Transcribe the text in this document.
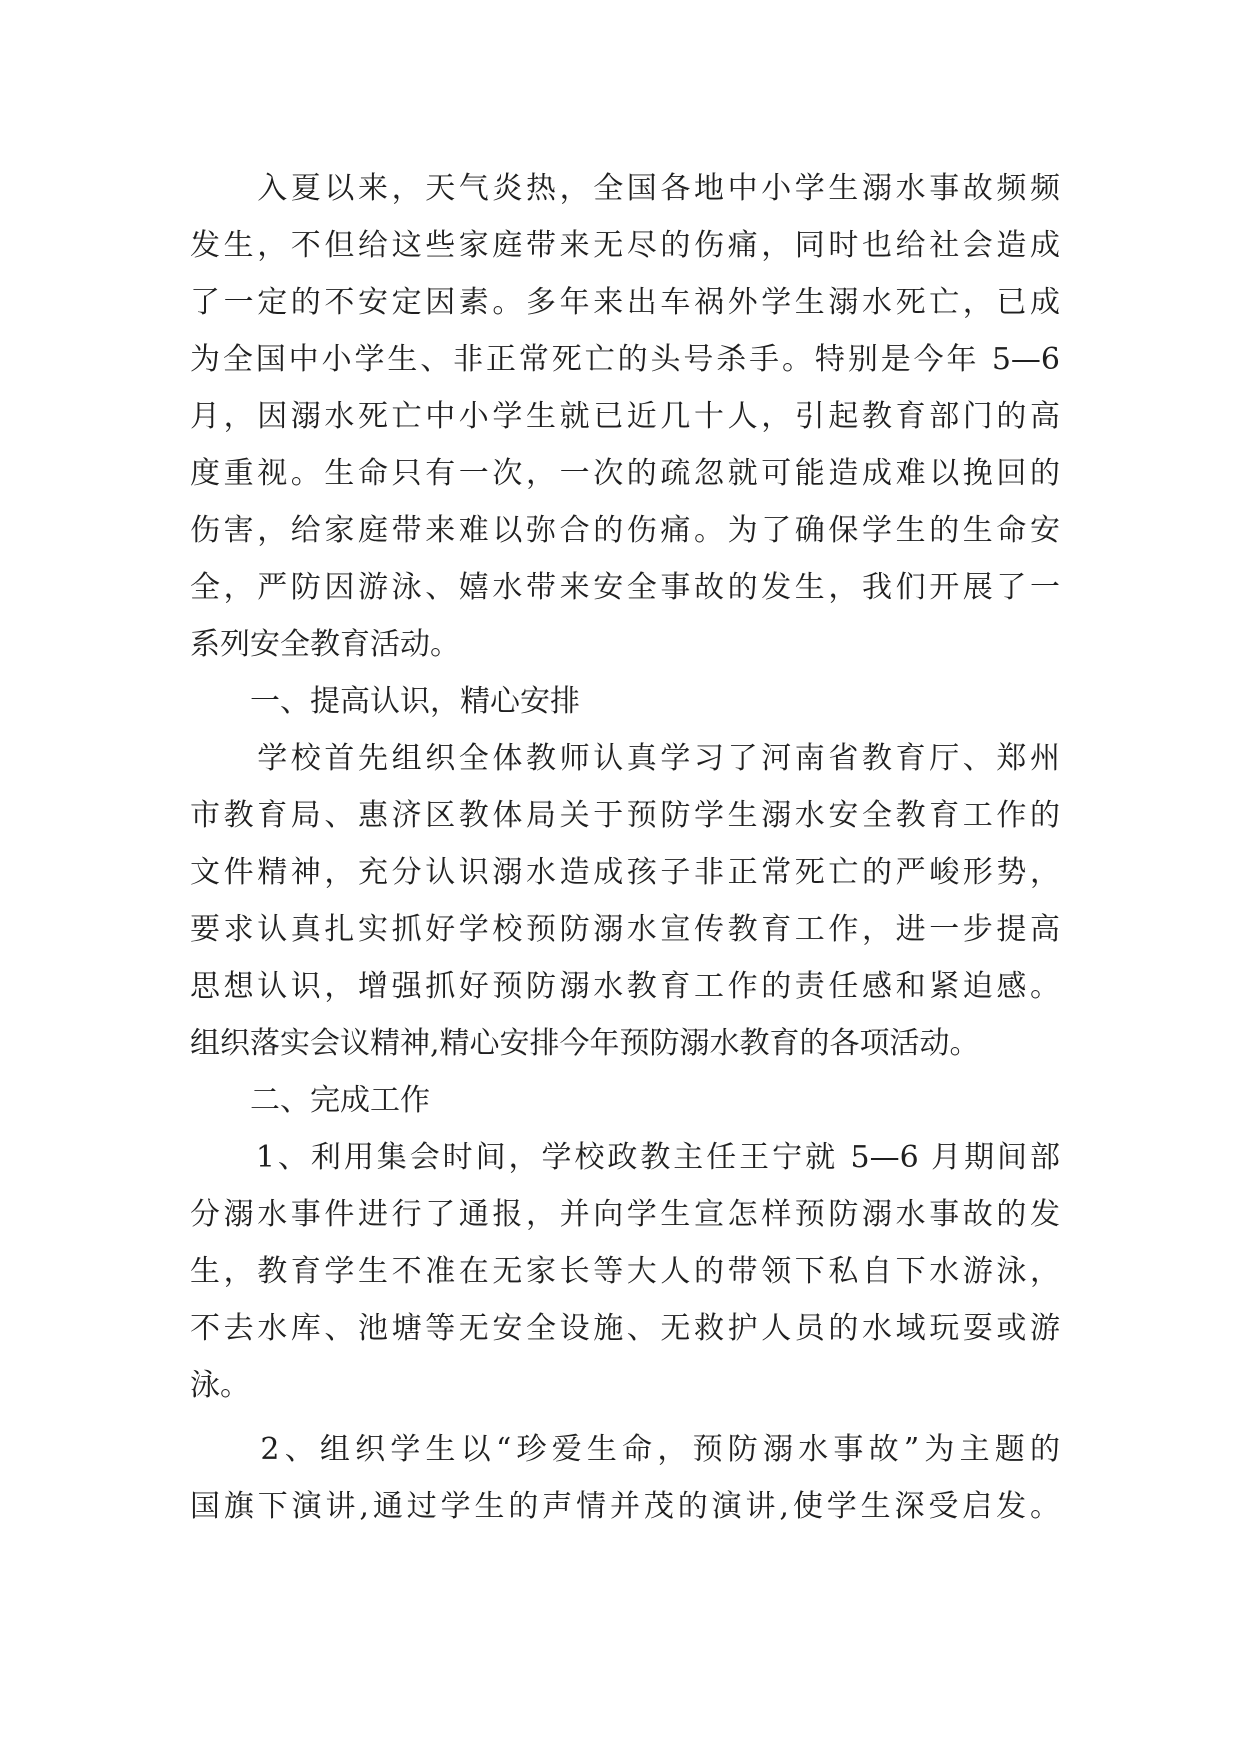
　　入夏以来，天气炎热，全国各地中小学生溺水事故频频
发生，不但给这些家庭带来无尽的伤痛，同时也给社会造成
了一定的不安定因素。多年来出车祸外学生溺水死亡，已成
为全国中小学生、非正常死亡的头号杀手。特别是今年 5—6
月，因溺水死亡中小学生就已近几十人，引起教育部门的高
度重视。生命只有一次，一次的疏忽就可能造成难以挽回的
伤害，给家庭带来难以弥合的伤痛。为了确保学生的生命安
全，严防因游泳、嬉水带来安全事故的发生，我们开展了一
系列安全教育活动。
　　一、提高认识，精心安排
　　学校首先组织全体教师认真学习了河南省教育厅、郑州
市教育局、惠济区教体局关于预防学生溺水安全教育工作的
文件精神，充分认识溺水造成孩子非正常死亡的严峻形势，
要求认真扎实抓好学校预防溺水宣传教育工作，进一步提高
思想认识，增强抓好预防溺水教育工作的责任感和紧迫感。
组织落实会议精神,精心安排今年预防溺水教育的各项活动。
　　二、完成工作
　　1、利用集会时间，学校政教主任王宁就 5—6 月期间部
分溺水事件进行了通报，并向学生宣怎样预防溺水事故的发
生，教育学生不准在无家长等大人的带领下私自下水游泳，
不去水库、池塘等无安全设施、无救护人员的水域玩耍或游
泳。
　　2、组织学生以“珍爱生命，预防溺水事故”为主题的
国旗下演讲,通过学生的声情并茂的演讲,使学生深受启发。
